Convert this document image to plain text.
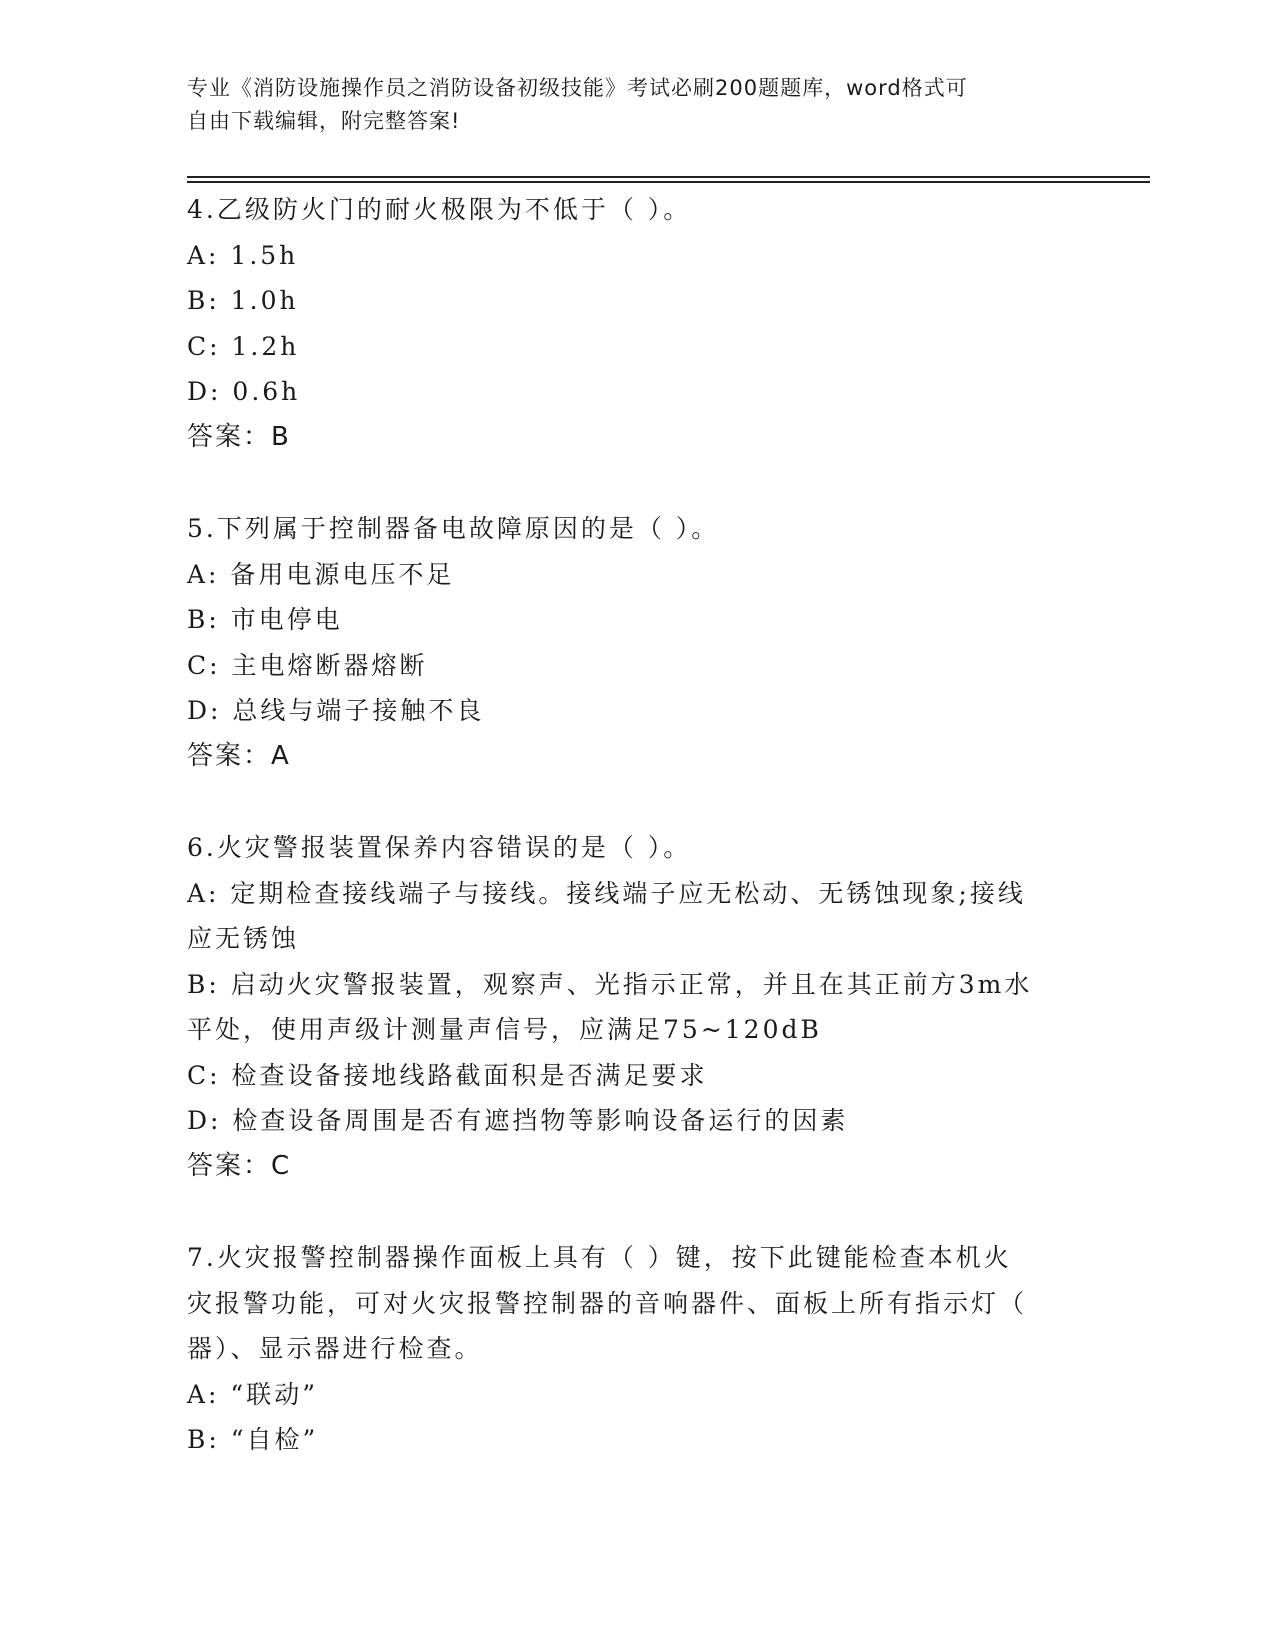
专业《消防设施操作员之消防设备初级技能》考试必刷200题题库，word格式可
自由下载编辑，附完整答案!

4.乙级防火门的耐火极限为不低于（ ）。

A: 1.5h

B: 1.0h

C: 1.2h

D: 0.6h

答案：B

5.下列属于控制器备电故障原因的是（ ）。

A: 备用电源电压不足

B: 市电停电

C: 主电熔断器熔断

D: 总线与端子接触不良

答案：A

6.火灾警报装置保养内容错误的是（ ）。

A: 定期检查接线端子与接线。接线端子应无松动、无锈蚀现象;接线

应无锈蚀

B: 启动火灾警报装置，观察声、光指示正常，并且在其正前方3m水

平处，使用声级计测量声信号，应满足75~120dB

C: 检查设备接地线路截面积是否满足要求

D: 检查设备周围是否有遮挡物等影响设备运行的因素

答案：C

7.火灾报警控制器操作面板上具有（ ）键，按下此键能检查本机火

灾报警功能，可对火灾报警控制器的音响器件、面板上所有指示灯（

器）、显示器进行检查。

A: “联动”

B: “自检”
